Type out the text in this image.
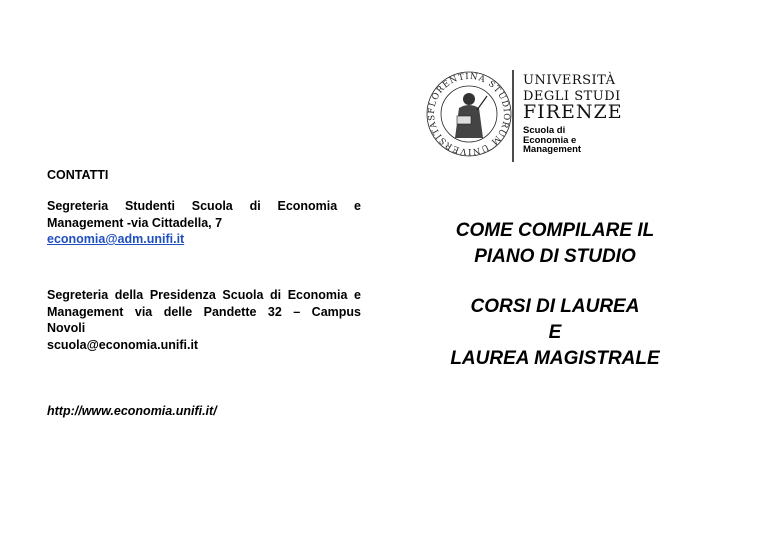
CONTATTI
Segreteria Studenti Scuola di Economia e
Management -via Cittadella, 7
economia@adm.unifi.it
Segreteria della Presidenza Scuola di Economia e
Management via delle Pandette 32 – Campus
Novoli
scuola@economia.unifi.it
http://www.economia.unifi.it/
FLORENTINA STUDIORUM UNIVERSITAS
UNIVERSITÀ
DEGLI STUDI
FIRENZE
Scuola di
Economia e
Management
COME COMPILARE IL
PIANO DI STUDIO
CORSI DI LAUREA
E
LAUREA MAGISTRALE
